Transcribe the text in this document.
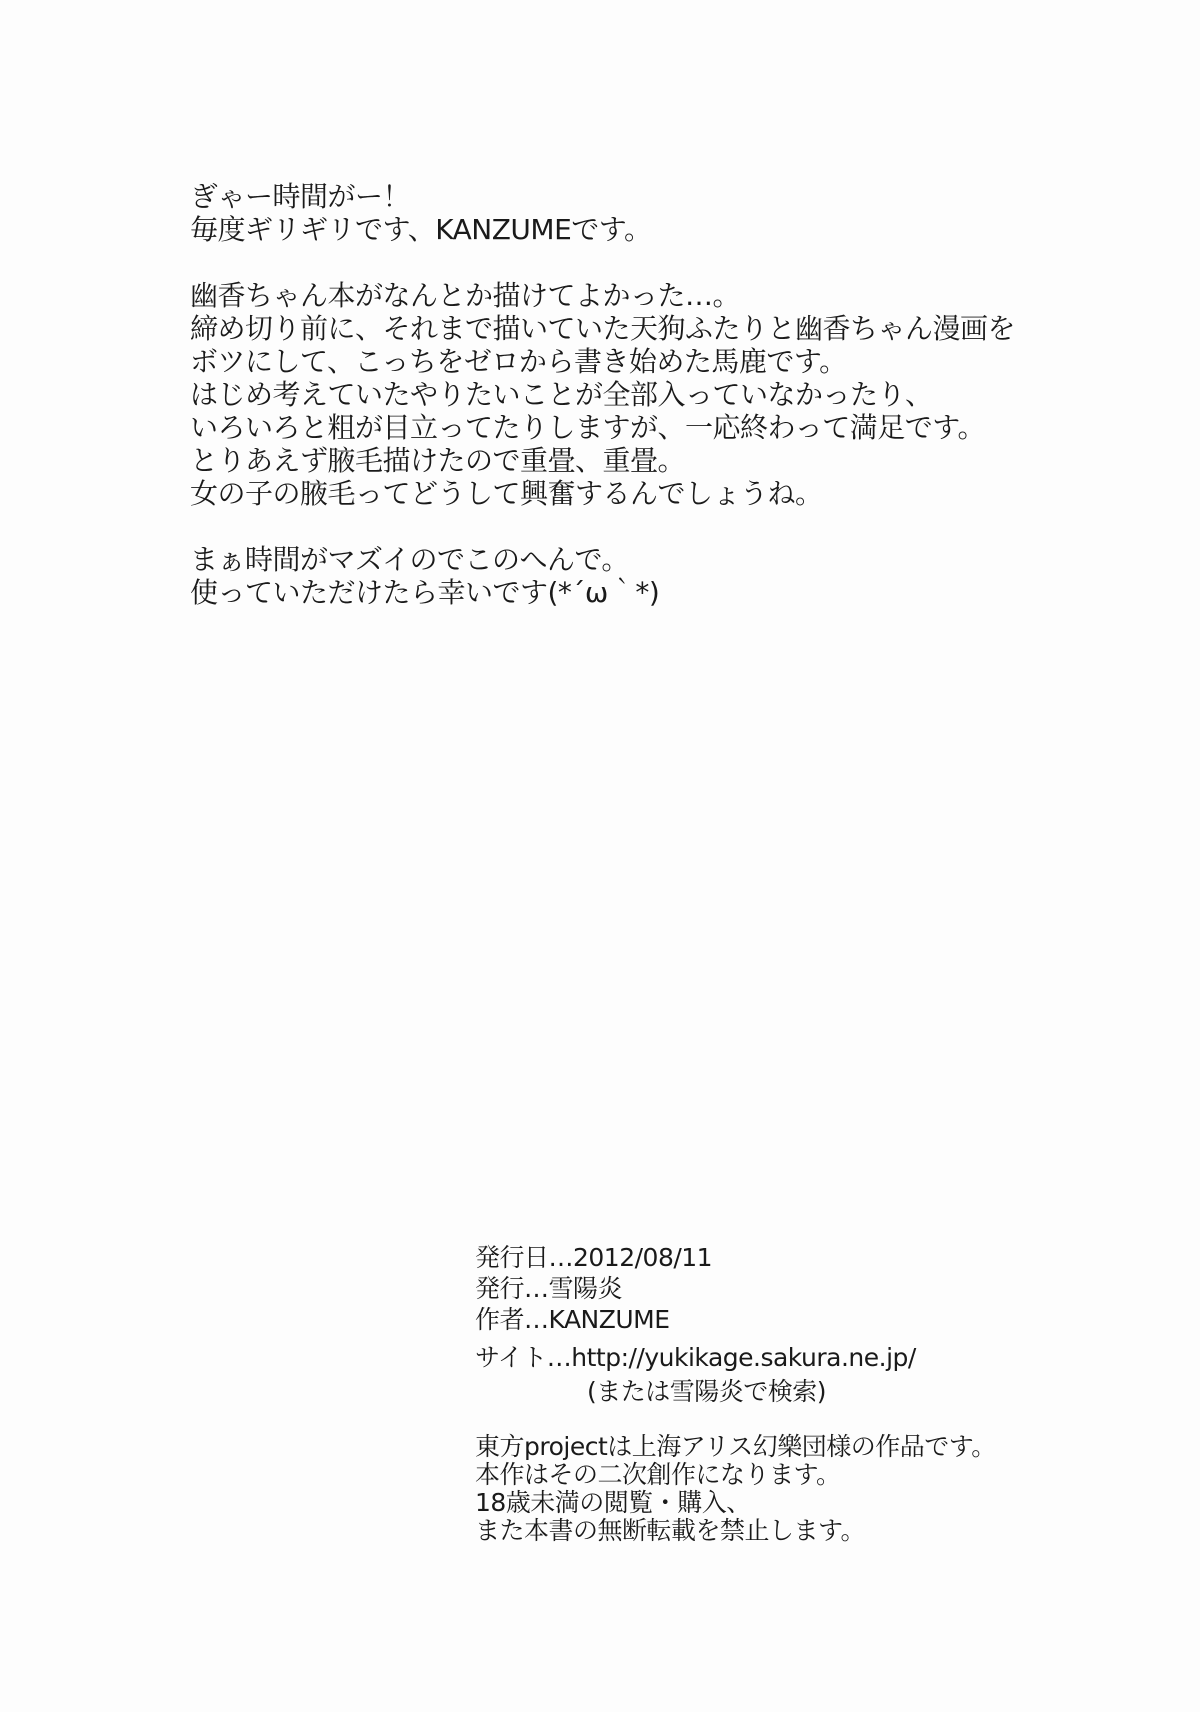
ぎゃー時間がー！
毎度ギリギリです、KANZUMEです。
幽香ちゃん本がなんとか描けてよかった…。
締め切り前に、それまで描いていた天狗ふたりと幽香ちゃん漫画を
ボツにして、こっちをゼロから書き始めた馬鹿です。
はじめ考えていたやりたいことが全部入っていなかったり、
いろいろと粗が目立ってたりしますが、一応終わって満足です。
とりあえず腋毛描けたので重畳、重畳。
女の子の腋毛ってどうして興奮するんでしょうね。
まぁ時間がマズイのでこのへんで。
使っていただけたら幸いです(*´ω｀*)
発行日…2012/08/11
発行…雪陽炎
作者…KANZUME
サイト…http://yukikage.sakura.ne.jp/
(または雪陽炎で検索)
東方projectは上海アリス幻樂団様の作品です。
本作はその二次創作になります。
18歳未満の閲覧・購入、
また本書の無断転載を禁止します。
